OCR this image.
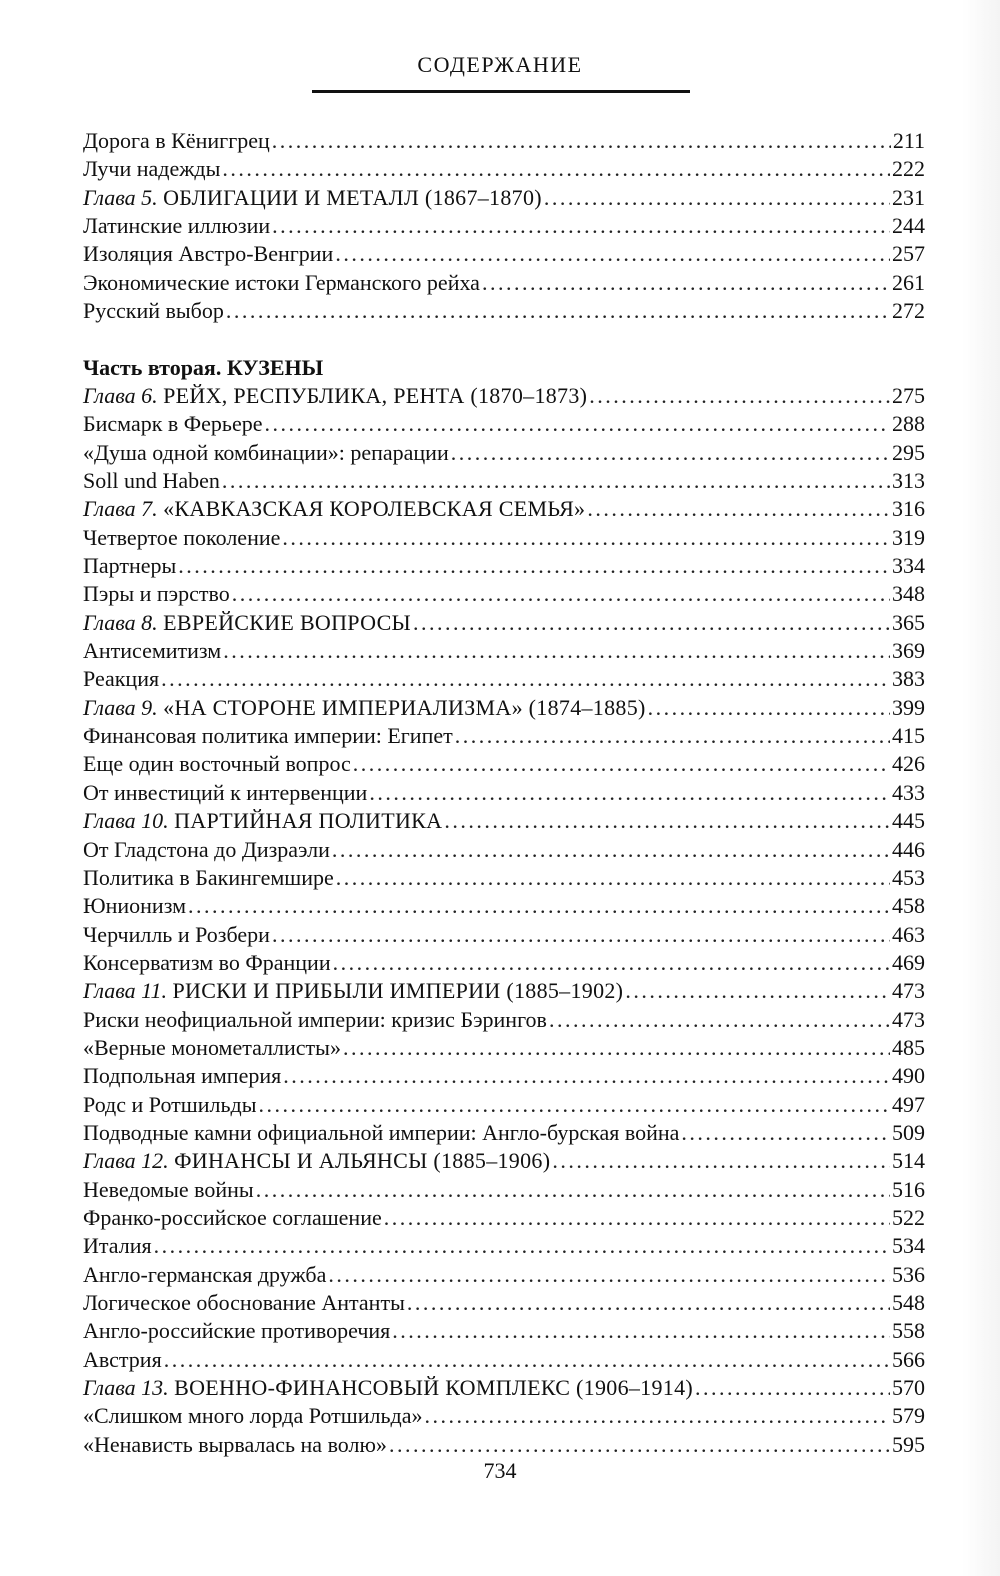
СОДЕРЖАНИЕ
Дорога в Кёниггрец .....	211
Лучи надежды .....	222
Глава 5.
ОБЛИГАЦИИ И МЕТАЛЛ (1867–1870) .....	231
Латинские иллюзии .....	244
Изоляция Австро-Венгрии .....	257
Экономические истоки Германского рейха .....	261
Русский выбор .....	272
Часть вторая. КУЗЕНЫ
Глава 6.
РЕЙХ, РЕСПУБЛИКА, РЕНТА (1870–1873) .....	275
Бисмарк в Ферьере .....	288
«Душа одной комбинации»: репарации .....	295
Soll und Haben .....	313
Глава 7.
«КАВКАЗСКАЯ КОРОЛЕВСКАЯ СЕМЬЯ» .....	316
Четвертое поколение .....	319
Партнеры .....	334
Пэры и пэрство .....	348
Глава 8.
ЕВРЕЙСКИЕ ВОПРОСЫ .....	365
Антисемитизм .....	369
Реакция .....	383
Глава 9.
«НА СТОРОНЕ ИМПЕРИАЛИЗМА» (1874–1885) .....	399
Финансовая политика империи: Египет .....	415
Еще один восточный вопрос .....	426
От инвестиций к интервенции .....	433
Глава 10.
ПАРТИЙНАЯ ПОЛИТИКА .....	445
От Гладстона до Дизраэли .....	446
Политика в Бакингемшире .....	453
Юнионизм .....	458
Черчилль и Розбери .....	463
Консерватизм во Франции .....	469
Глава 11.
РИСКИ И ПРИБЫЛИ ИМПЕРИИ (1885–1902) .....	473
Риски неофициальной империи: кризис Бэрингов .....	473
«Верные монометаллисты» .....	485
Подпольная империя .....	490
Родс и Ротшильды .....	497
Подводные камни официальной империи: Англо-бурская война .....	509
Глава 12.
ФИНАНСЫ И АЛЬЯНСЫ (1885–1906) .....	514
Неведомые войны .....	516
Франко-российское соглашение .....	522
Италия .....	534
Англо-германская дружба .....	536
Логическое обоснование Антанты .....	548
Англо-российские противоречия .....	558
Австрия .....	566
Глава 13.
ВОЕННО-ФИНАНСОВЫЙ КОМПЛЕКС (1906–1914) .....	570
«Слишком много лорда Ротшильда» .....	579
«Ненависть вырвалась на волю» .....	595
734
